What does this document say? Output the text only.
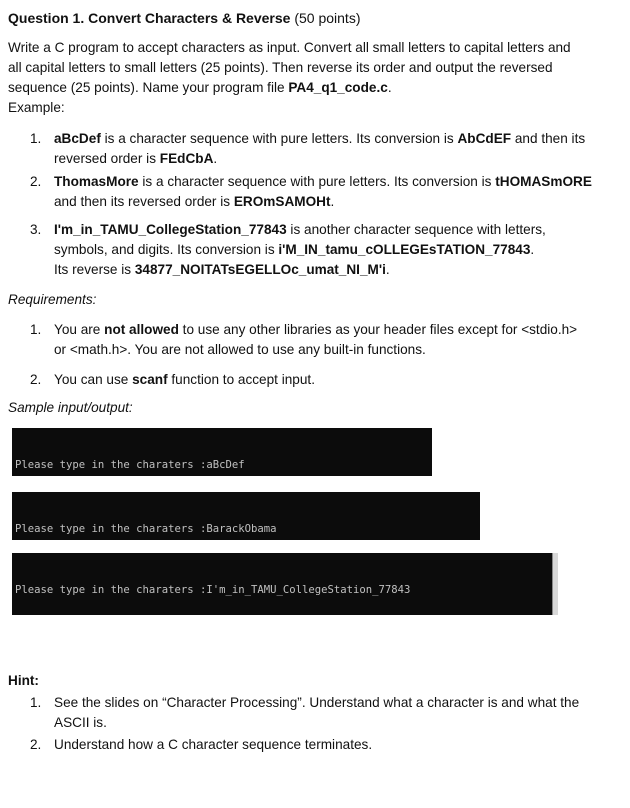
Question 1. Convert Characters & Reverse (50 points)
Write a C program to accept characters as input. Convert all small letters to capital letters and
all capital letters to small letters (25 points). Then reverse its order and output the reversed
sequence (25 points). Name your program file PA4_q1_code.c.
Example:
1. aBcDef is a character sequence with pure letters. Its conversion is AbCdEF and then its
reversed order is FEdCbA.
2. ThomasMore is a character sequence with pure letters. Its conversion is tHOMASmORE
and then its reversed order is EROmSAMOHt.
3. I'm_in_TAMU_CollegeStation_77843 is another character sequence with letters,
symbols, and digits. Its conversion is i'M_IN_tamu_cOLLEGEsTATION_77843.
Its reverse is 34877_NOITATsEGELLOc_umat_NI_M'i.
Requirements:
1. You are not allowed to use any other libraries as your header files except for <stdio.h>
or <math.h>. You are not allowed to use any built-in functions.
2. You can use scanf function to accept input.
Sample input/output:

Please type in the charaters :aBcDef

Please type in the charaters :BarackObama

Please type in the charaters :I'm_in_TAMU_CollegeStation_77843

Hint:
1. See the slides on “Character Processing”. Understand what a character is and what the
ASCII is.
2. Understand how a C character sequence terminates.
